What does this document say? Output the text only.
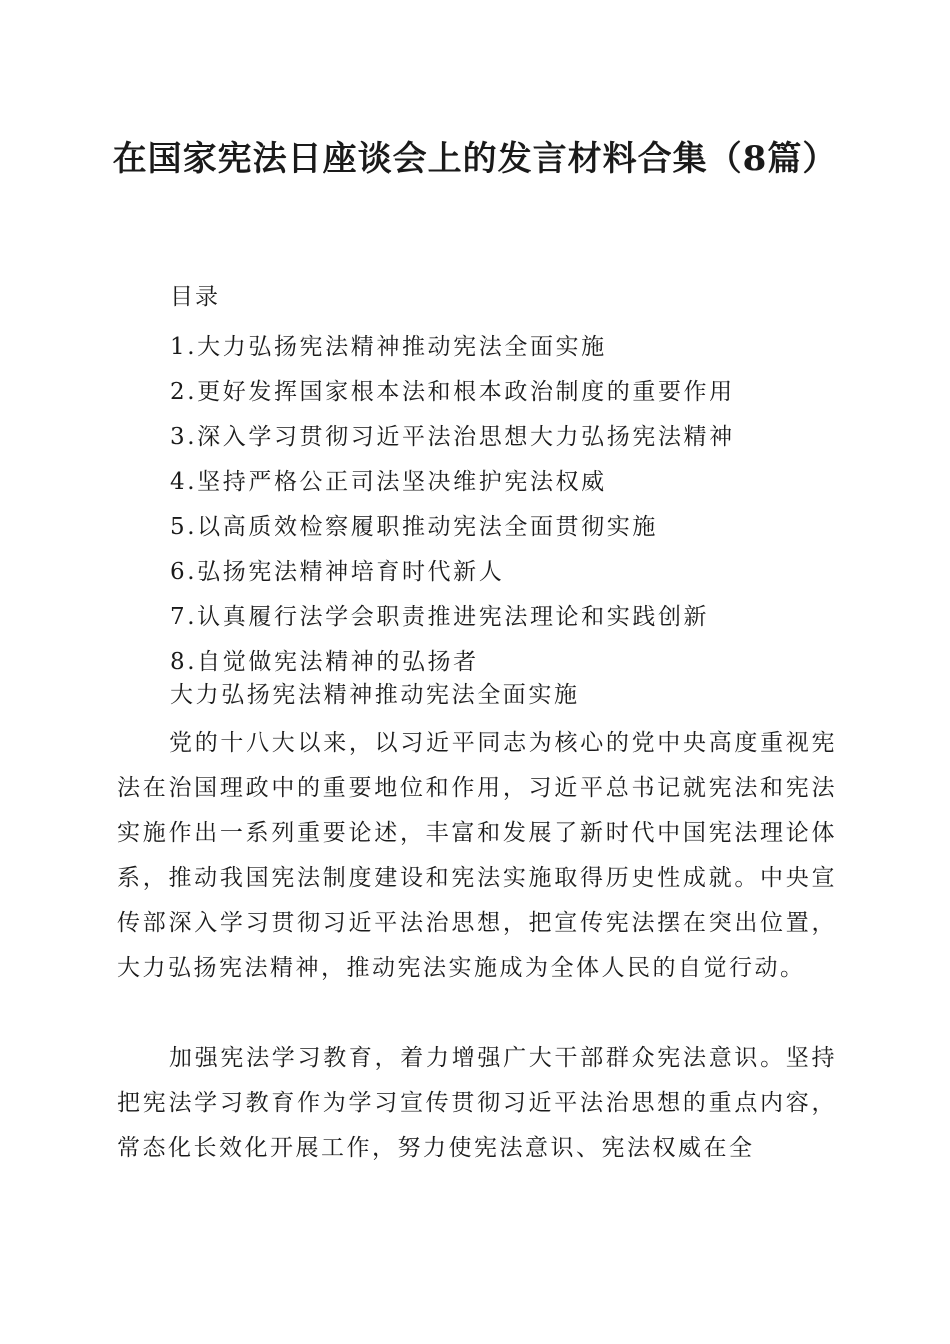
在国家宪法日座谈会上的发言材料合集（8篇）
目录
1.大力弘扬宪法精神推动宪法全面实施
2.更好发挥国家根本法和根本政治制度的重要作用
3.深入学习贯彻习近平法治思想大力弘扬宪法精神
4.坚持严格公正司法坚决维护宪法权威
5.以高质效检察履职推动宪法全面贯彻实施
6.弘扬宪法精神培育时代新人
7.认真履行法学会职责推进宪法理论和实践创新
8.自觉做宪法精神的弘扬者
大力弘扬宪法精神推动宪法全面实施

党的十八大以来，以习近平同志为核心的党中央高度重视宪法在治国理政中的重要地位和作用，习近平总书记就宪法和宪法实施作出一系列重要论述，丰富和发展了新时代中国宪法理论体系，推动我国宪法制度建设和宪法实施取得历史性成就。中央宣传部深入学习贯彻习近平法治思想，把宣传宪法摆在突出位置，大力弘扬宪法精神，推动宪法实施成为全体人民的自觉行动。

加强宪法学习教育，着力增强广大干部群众宪法意识。坚持把宪法学习教育作为学习宣传贯彻习近平法治思想的重点内容，常态化长效化开展工作，努力使宪法意识、宪法权威在全
